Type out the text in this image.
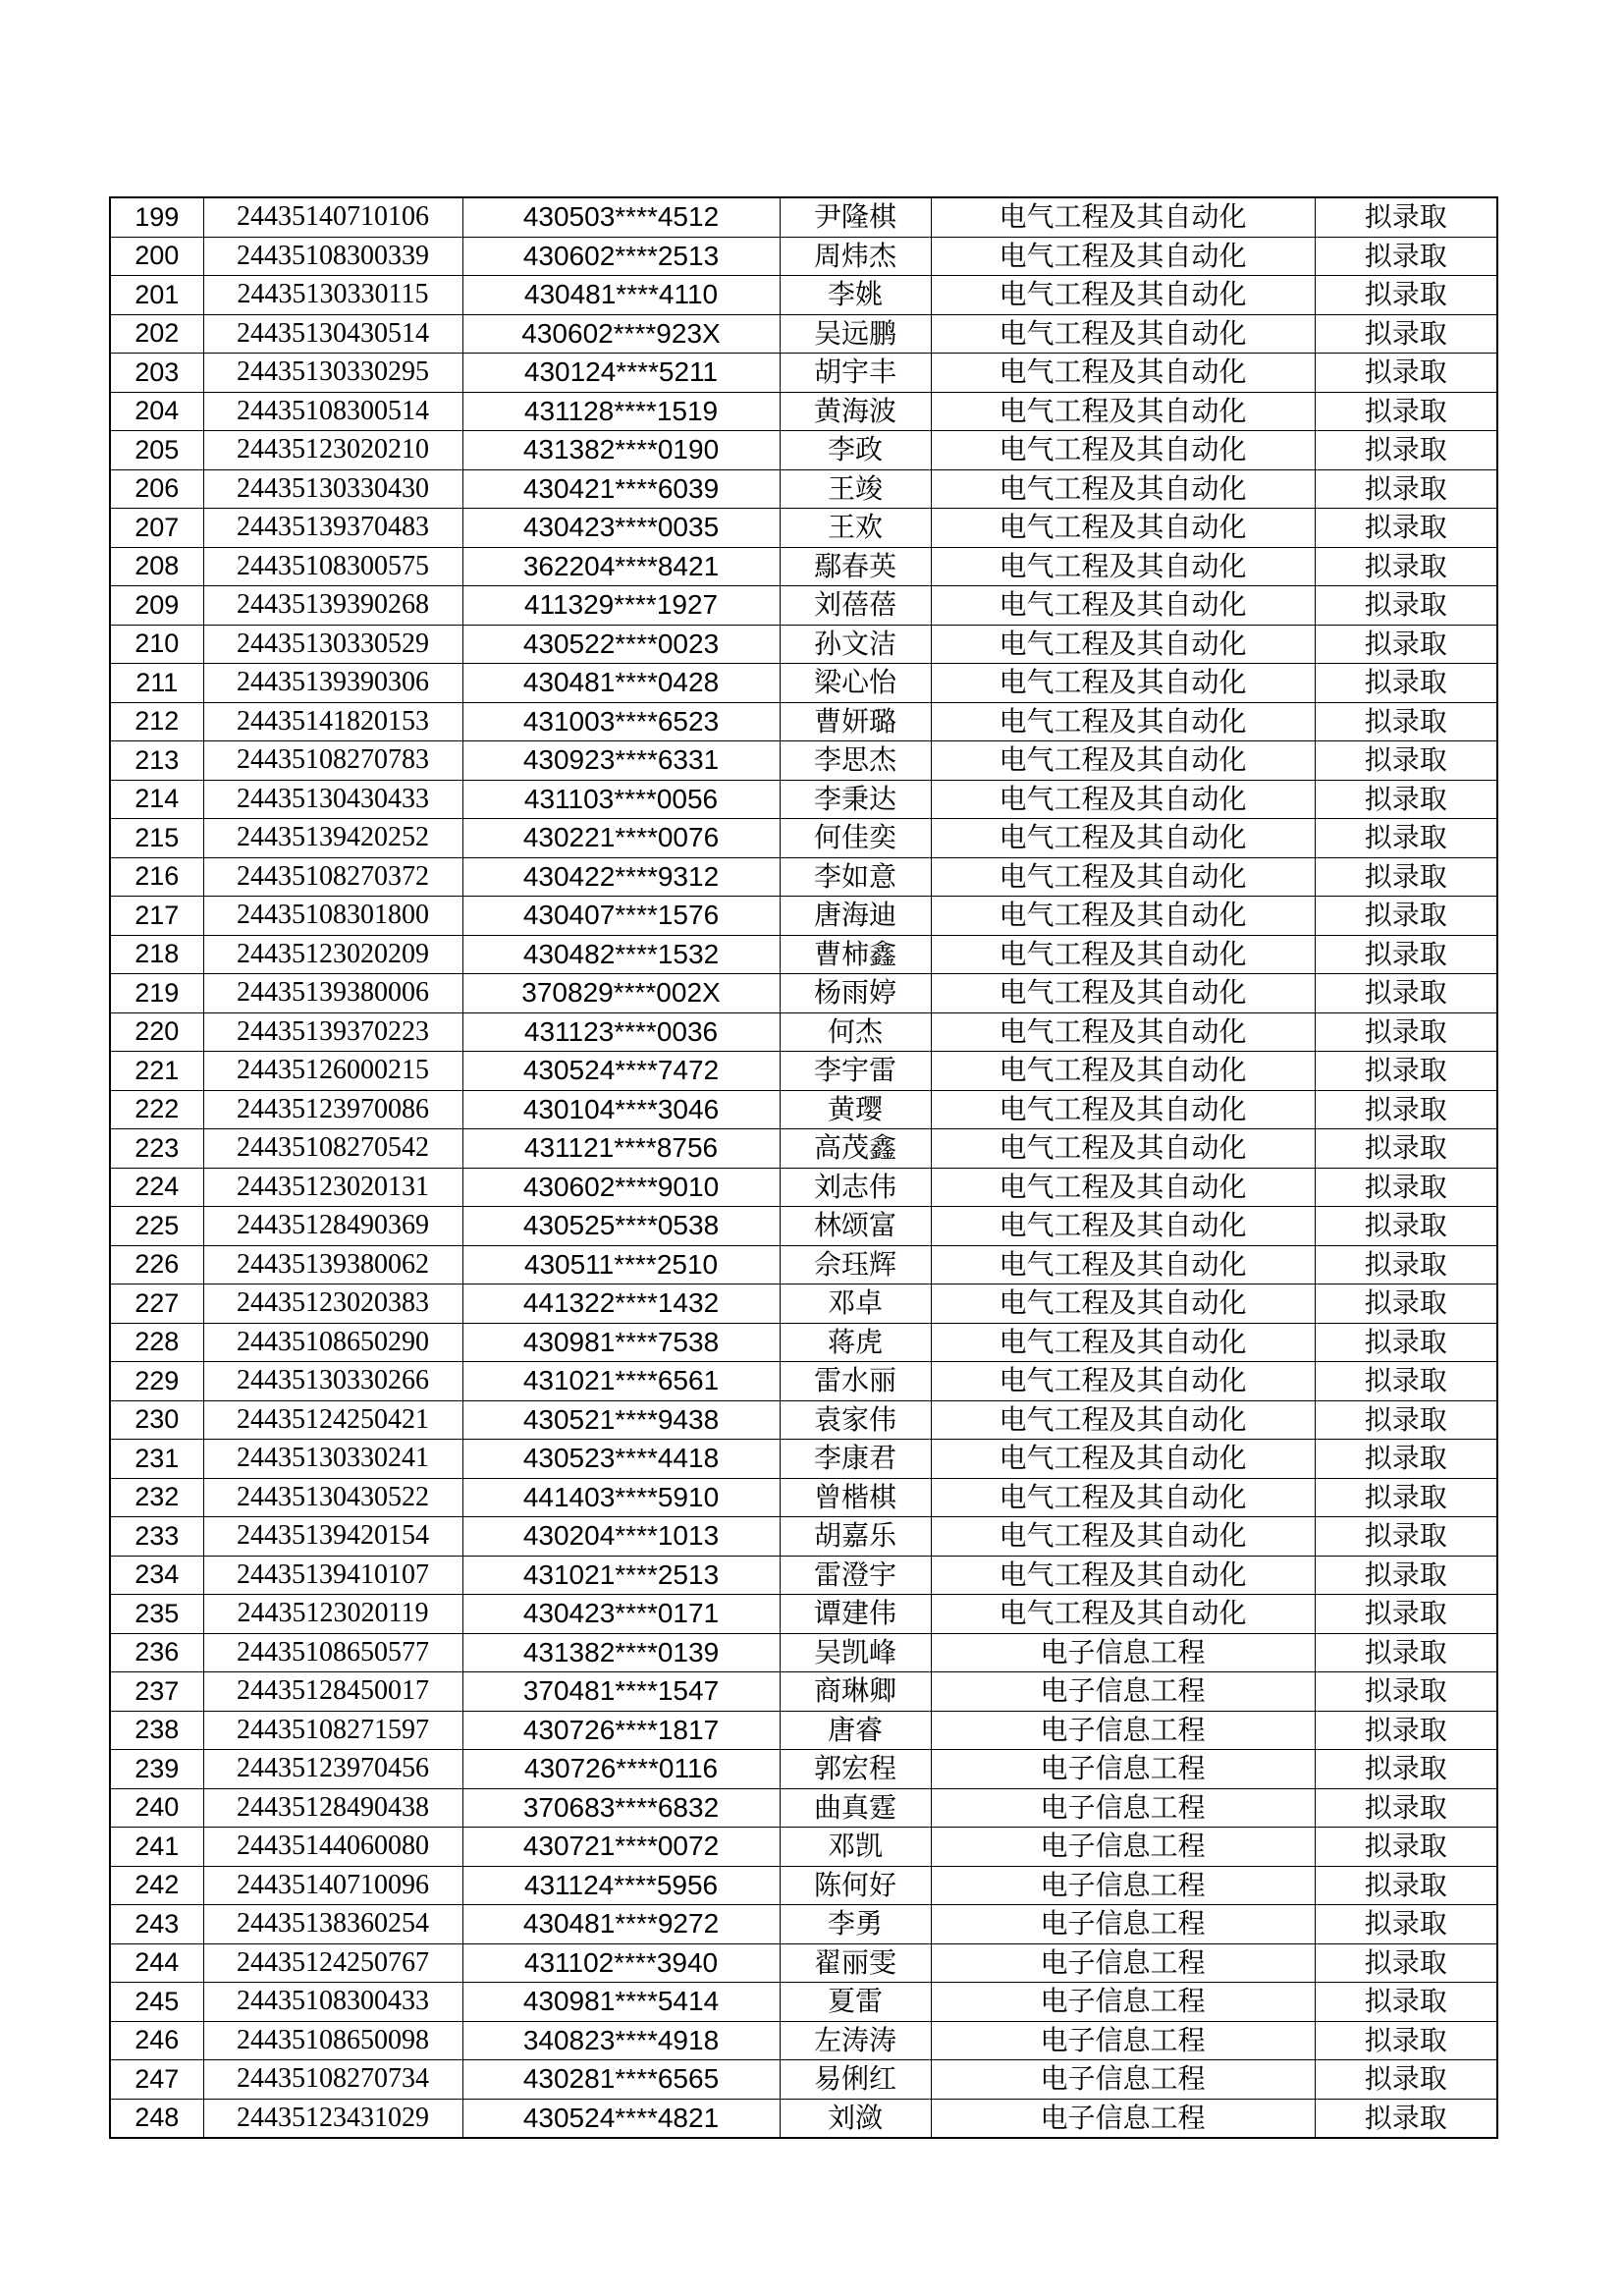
199	24435140710106	430503****4512	尹隆棋	电气工程及其自动化	拟录取
200	24435108300339	430602****2513	周炜杰	电气工程及其自动化	拟录取
201	24435130330115	430481****4110	李姚	电气工程及其自动化	拟录取
202	24435130430514	430602****923X	吴远鹏	电气工程及其自动化	拟录取
203	24435130330295	430124****5211	胡宇丰	电气工程及其自动化	拟录取
204	24435108300514	431128****1519	黄海波	电气工程及其自动化	拟录取
205	24435123020210	431382****0190	李政	电气工程及其自动化	拟录取
206	24435130330430	430421****6039	王竣	电气工程及其自动化	拟录取
207	24435139370483	430423****0035	王欢	电气工程及其自动化	拟录取
208	24435108300575	362204****8421	鄢春英	电气工程及其自动化	拟录取
209	24435139390268	411329****1927	刘蓓蓓	电气工程及其自动化	拟录取
210	24435130330529	430522****0023	孙文洁	电气工程及其自动化	拟录取
211	24435139390306	430481****0428	梁心怡	电气工程及其自动化	拟录取
212	24435141820153	431003****6523	曹妍璐	电气工程及其自动化	拟录取
213	24435108270783	430923****6331	李思杰	电气工程及其自动化	拟录取
214	24435130430433	431103****0056	李秉达	电气工程及其自动化	拟录取
215	24435139420252	430221****0076	何佳奕	电气工程及其自动化	拟录取
216	24435108270372	430422****9312	李如意	电气工程及其自动化	拟录取
217	24435108301800	430407****1576	唐海迪	电气工程及其自动化	拟录取
218	24435123020209	430482****1532	曹柿鑫	电气工程及其自动化	拟录取
219	24435139380006	370829****002X	杨雨婷	电气工程及其自动化	拟录取
220	24435139370223	431123****0036	何杰	电气工程及其自动化	拟录取
221	24435126000215	430524****7472	李宇雷	电气工程及其自动化	拟录取
222	24435123970086	430104****3046	黄璎	电气工程及其自动化	拟录取
223	24435108270542	431121****8756	高茂鑫	电气工程及其自动化	拟录取
224	24435123020131	430602****9010	刘志伟	电气工程及其自动化	拟录取
225	24435128490369	430525****0538	林颂富	电气工程及其自动化	拟录取
226	24435139380062	430511****2510	佘珏辉	电气工程及其自动化	拟录取
227	24435123020383	441322****1432	邓卓	电气工程及其自动化	拟录取
228	24435108650290	430981****7538	蒋虎	电气工程及其自动化	拟录取
229	24435130330266	431021****6561	雷水丽	电气工程及其自动化	拟录取
230	24435124250421	430521****9438	袁家伟	电气工程及其自动化	拟录取
231	24435130330241	430523****4418	李康君	电气工程及其自动化	拟录取
232	24435130430522	441403****5910	曾楷棋	电气工程及其自动化	拟录取
233	24435139420154	430204****1013	胡嘉乐	电气工程及其自动化	拟录取
234	24435139410107	431021****2513	雷澄宇	电气工程及其自动化	拟录取
235	24435123020119	430423****0171	谭建伟	电气工程及其自动化	拟录取
236	24435108650577	431382****0139	吴凯峰	电子信息工程	拟录取
237	24435128450017	370481****1547	商琳卿	电子信息工程	拟录取
238	24435108271597	430726****1817	唐睿	电子信息工程	拟录取
239	24435123970456	430726****0116	郭宏程	电子信息工程	拟录取
240	24435128490438	370683****6832	曲真霆	电子信息工程	拟录取
241	24435144060080	430721****0072	邓凯	电子信息工程	拟录取
242	24435140710096	431124****5956	陈何好	电子信息工程	拟录取
243	24435138360254	430481****9272	李勇	电子信息工程	拟录取
244	24435124250767	431102****3940	翟丽雯	电子信息工程	拟录取
245	24435108300433	430981****5414	夏雷	电子信息工程	拟录取
246	24435108650098	340823****4918	左涛涛	电子信息工程	拟录取
247	24435108270734	430281****6565	易俐红	电子信息工程	拟录取
248	24435123431029	430524****4821	刘潋	电子信息工程	拟录取
